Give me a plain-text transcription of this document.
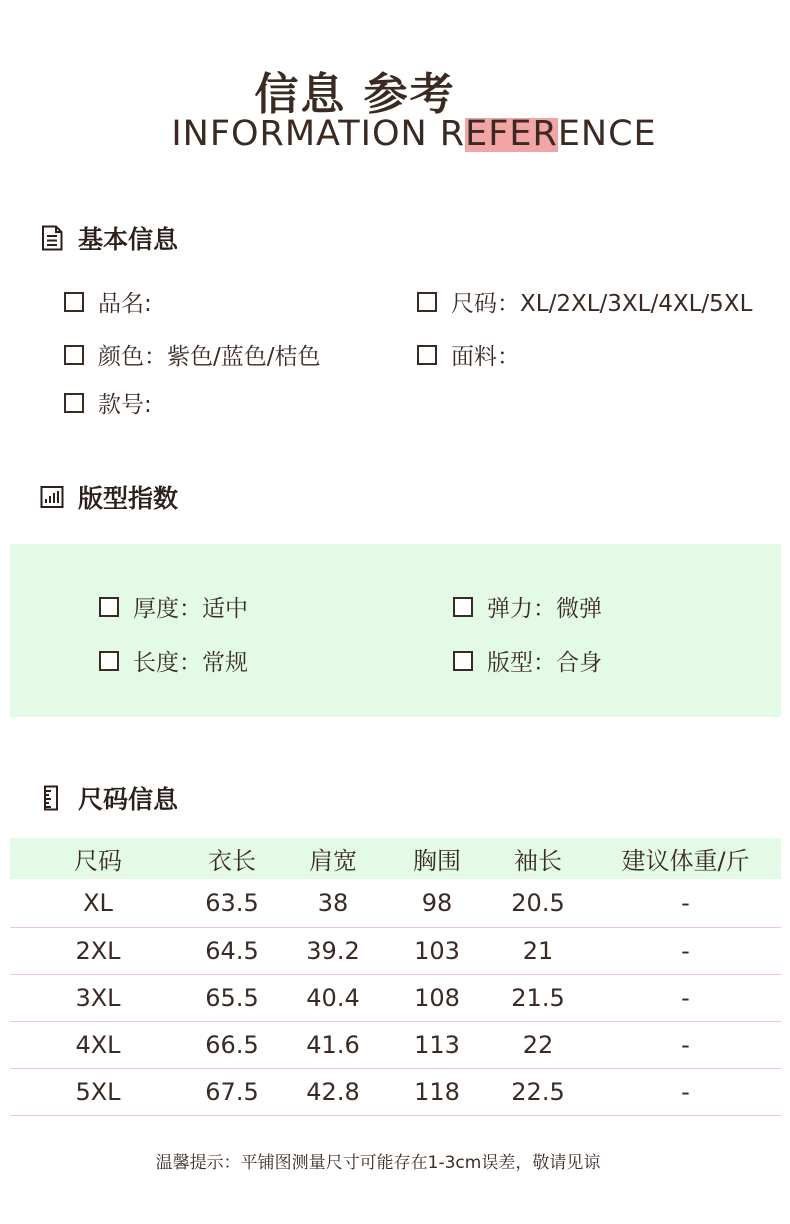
信息 参考
INFORMATION REFERENCE
基本信息
品名:	尺码：XL/2XL/3XL/4XL/5XL
颜色：紫色/蓝色/桔色	面料：
款号:
版型指数
厚度：适中	弹力：微弹
长度：常规	版型：合身
尺码信息
尺码	衣长	肩宽	胸围	袖长	建议体重/斤
XL	63.5	38	98	20.5	-
2XL	64.5	39.2	103	21	-
3XL	65.5	40.4	108	21.5	-
4XL	66.5	41.6	113	22	-
5XL	67.5	42.8	118	22.5	-
温馨提示：平铺图测量尺寸可能存在1-3cm误差，敬请见谅
